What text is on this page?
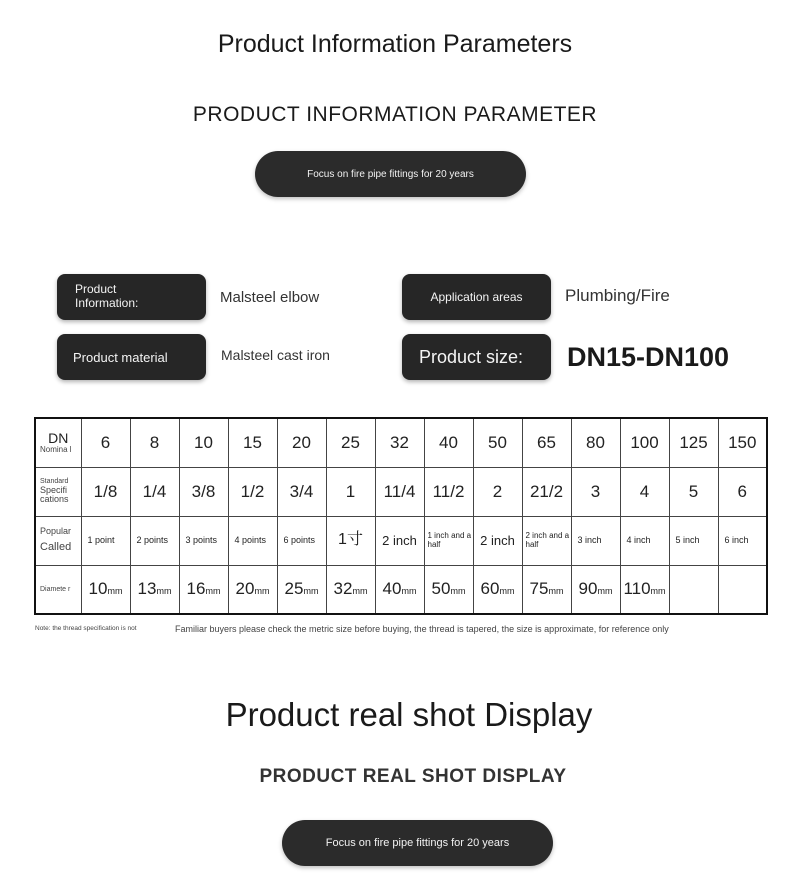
Product Information Parameters
PRODUCT INFORMATION PARAMETER
Focus on fire pipe fittings for 20 years
Product Information:	Malsteel elbow	Application areas Plumbing/Fire
Product material	Malsteel cast iron	Product size: DN15-DN100
DN
Nomina l	6	8	10	15	20	25	32	40	50	65	80	100	125	150

Standard
Specifi cations	1/8	1/4	3/8	1/2	3/4	1	11/4	11/2	2	21/2	3	4	5	6

Popular
Called	1 point	2 points	3 points	4 points	6 points	1寸	2 inch	1 inch and a half	2 inch	2 inch and a half	3 inch	4 inch	5 inch	6 inch

Diamete r	10mm	13mm	16mm	20mm	25mm	32mm	40mm	50mm	60mm	75mm	90mm	110mm		
Note: the thread specification is not	Familiar buyers please check the metric size before buying, the thread is tapered, the size is approximate, for reference only
Product real shot Display
PRODUCT REAL SHOT DISPLAY
Focus on fire pipe fittings for 20 years
